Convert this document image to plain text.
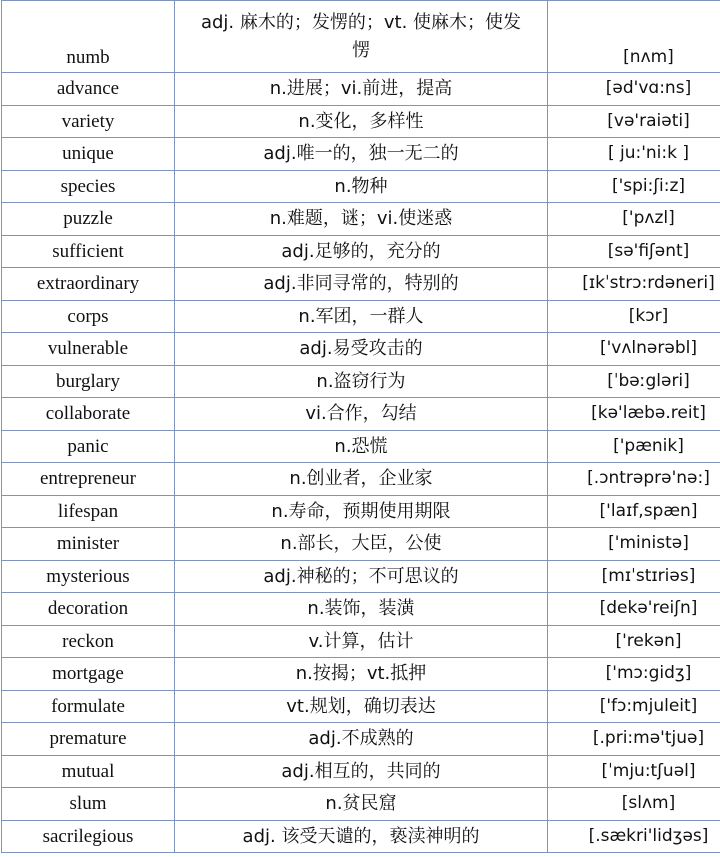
numb	adj. 麻木的；发愣的；vt. 使麻木；使发愣	[nʌm]
advance	n.进展；vi.前进，提高	[əd'vɑ:ns]
variety	n.变化，多样性	[və'raiəti]
unique	adj.唯一的，独一无二的	[ ju:'ni:k ]
species	n.物种	['spi:ʃi:z]
puzzle	n.难题，谜；vi.使迷惑	['pʌzl]
sufficient	adj.足够的，充分的	[sə'fiʃənt]
extraordinary	adj.非同寻常的，特别的	[ɪkˈstrɔ:rdəneri]
corps	n.军团，一群人	[kɔr]
vulnerable	adj.易受攻击的	['vʌlnərəbl]
burglary	n.盗窃行为	[ˈbəːgləri]
collaborate	vi.合作，勾结	[kə'læbə.reit]
panic	n.恐慌	['pænik]
entrepreneur	n.创业者，企业家	[.ɔntrəprə'nə:]
lifespan	n.寿命，预期使用期限	['laɪf,spæn]
minister	n.部长，大臣，公使	['ministə]
mysterious	adj.神秘的；不可思议的	[mɪˈstɪriəs]
decoration	n.装饰，装潢	[dekə'reiʃn]
reckon	v.计算，估计	['rekən]
mortgage	n.按揭；vt.抵押	['mɔ:gidʒ]
formulate	vt.规划，确切表达	['fɔ:mjuleit]
premature	adj.不成熟的	[.pri:mə'tjuə]
mutual	adj.相互的，共同的	[ˈmju:tʃuəl]
slum	n.贫民窟	[slʌm]
sacrilegious	adj. 该受天谴的，亵渎神明的	[.sækri'lidʒəs]
